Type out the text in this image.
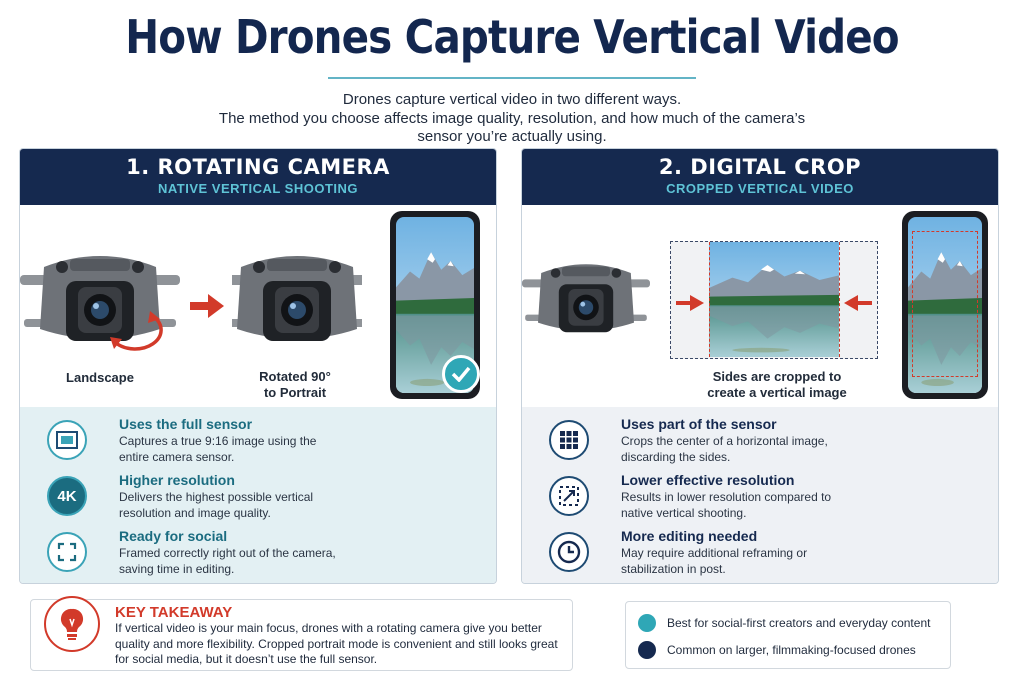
How Drones Capture Vertical Video
Drones capture vertical video in two different ways.
The method you choose affects image quality, resolution, and how much of the camera’s
sensor you’re actually using.
1. ROTATING CAMERA
NATIVE VERTICAL SHOOTING
Landscape	Rotated 90°
to Portrait
Uses the full sensor
Captures a true 9:16 image using the
entire camera sensor.
4K
Higher resolution
Delivers the highest possible vertical
resolution and image quality.
Ready for social
Framed correctly right out of the camera,
saving time in editing.
2. DIGITAL CROP
CROPPED VERTICAL VIDEO
Sides are cropped to
create a vertical image
Uses part of the sensor
Crops the center of a horizontal image,
discarding the sides.
Lower effective resolution
Results in lower resolution compared to
native vertical shooting.
More editing needed
May require additional reframing or
stabilization in post.
KEY TAKEAWAY
If vertical video is your main focus, drones with a rotating camera give you better
quality and more flexibility. Cropped portrait mode is convenient and still looks great
for social media, but it doesn’t use the full sensor.
Best for social-first creators and everyday content
Common on larger, filmmaking-focused drones
